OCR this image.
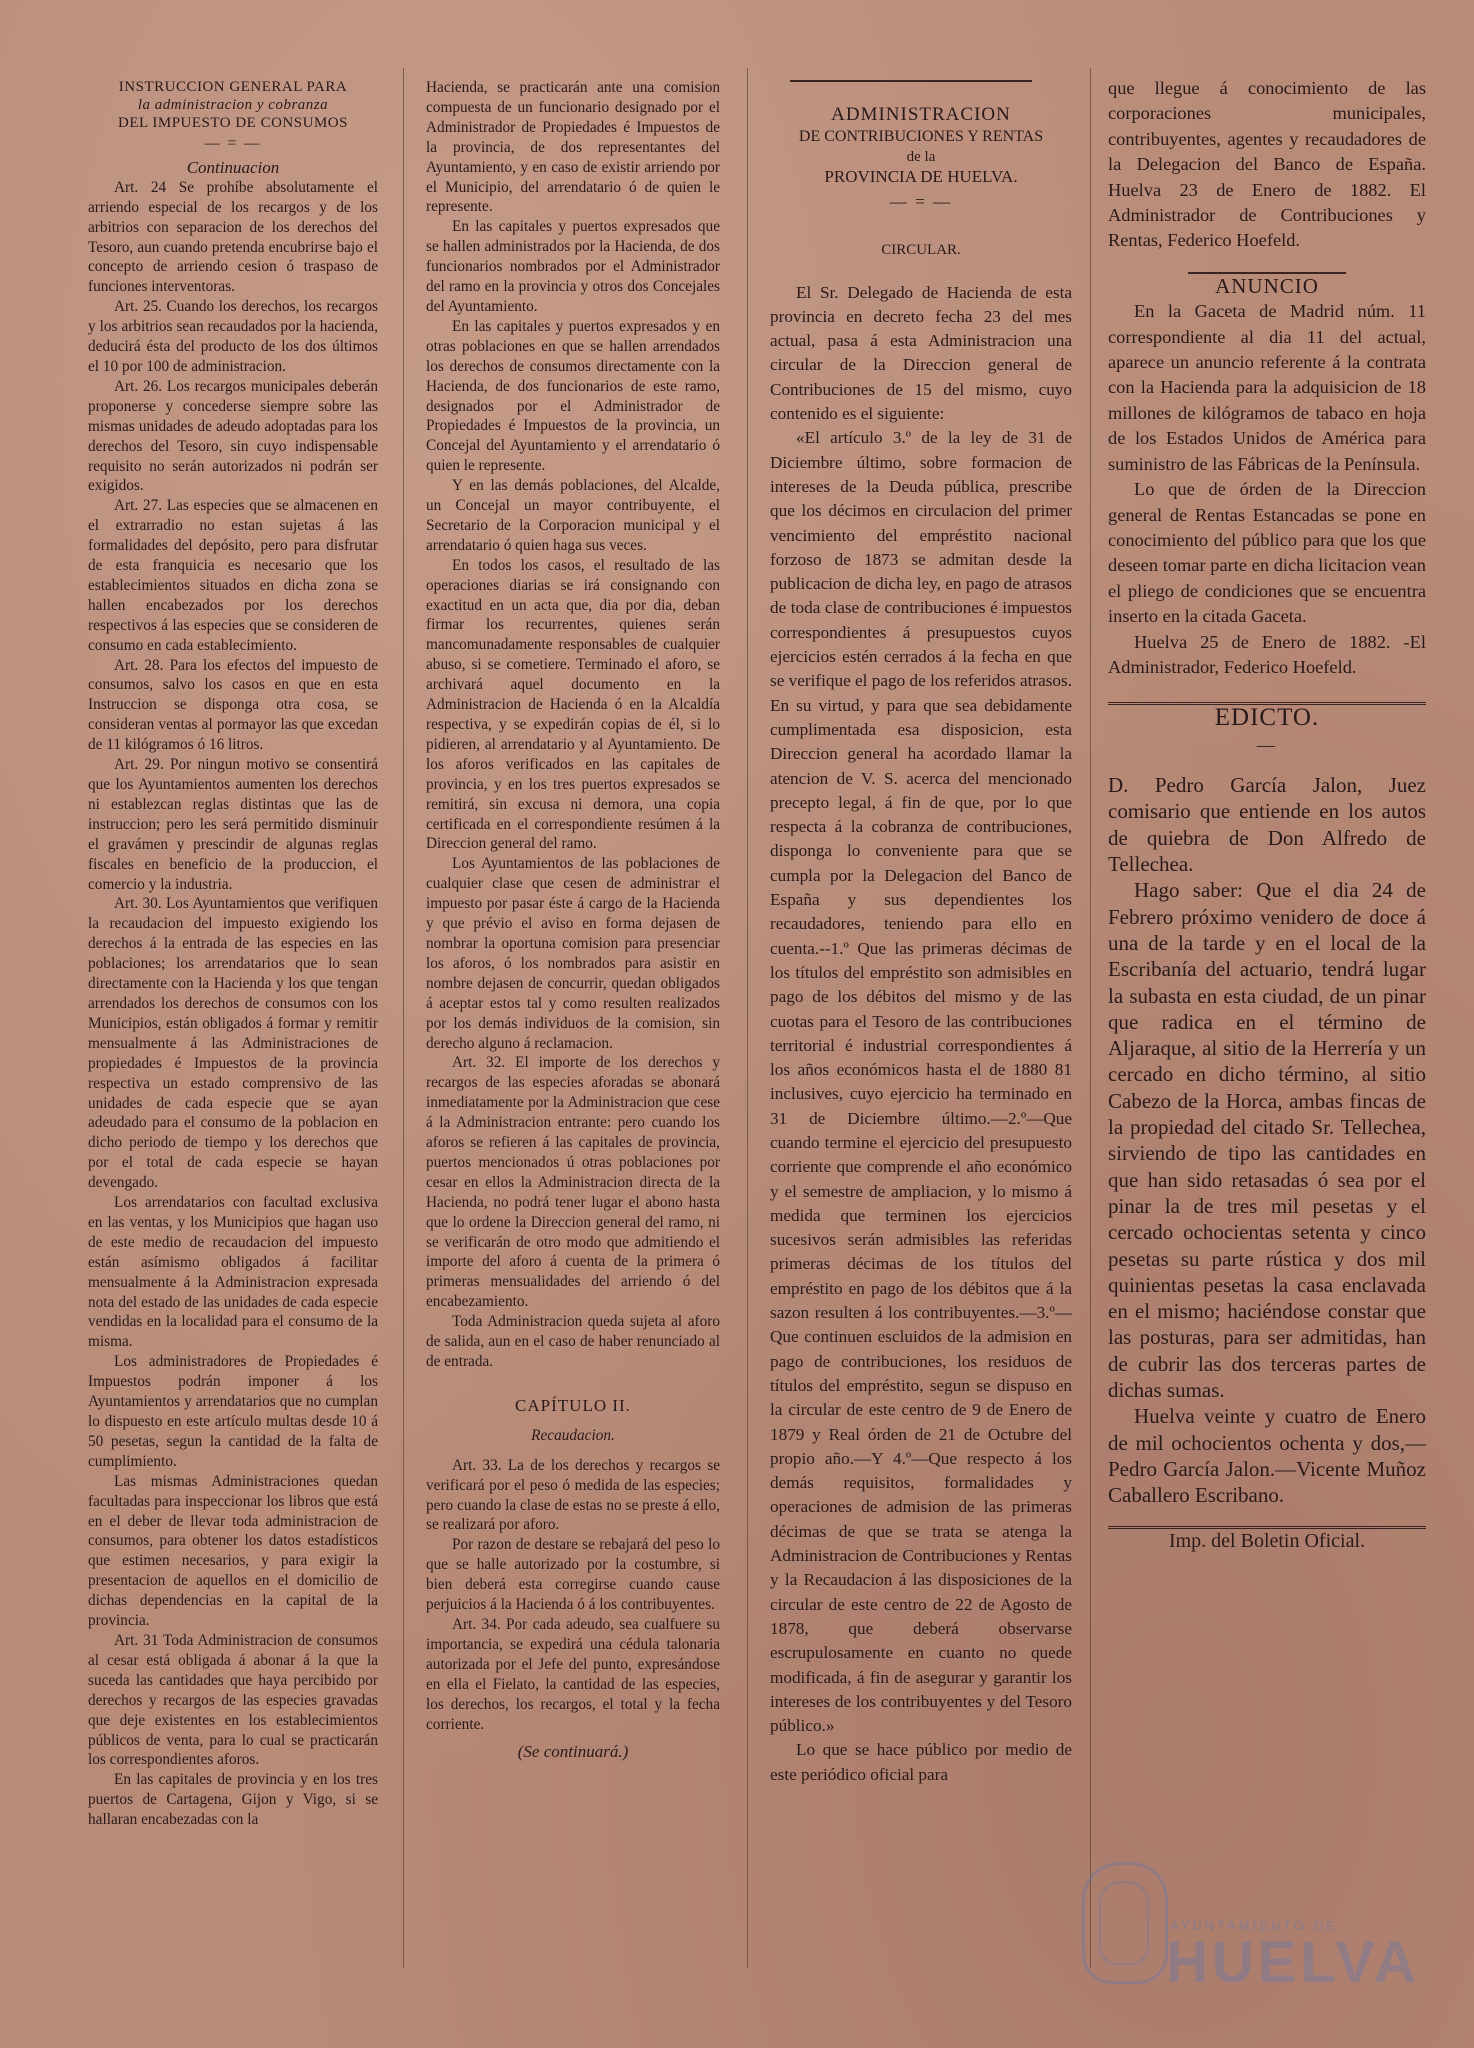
INSTRUCCION GENERAL PARA

la administracion y cobranza

DEL IMPUESTO DE CONSUMOS

— = —

Continuacion

Art. 24 Se prohíbe absolutamente el arriendo especial de los recargos y de los arbitrios con separacion de los derechos del Tesoro, aun cuando pretenda encubrirse bajo el concepto de arriendo cesion ó traspaso de funciones interventoras.

Art. 25. Cuando los derechos, los recargos y los arbitrios sean recaudados por la hacienda, deducirá ésta del producto de los dos últimos el 10 por 100 de administracion.

Art. 26. Los recargos municipales deberán proponerse y concederse siempre sobre las mismas unidades de adeudo adoptadas para los derechos del Tesoro, sin cuyo indispensable requisito no serán autorizados ni podrán ser exigidos.

Art. 27. Las especies que se almacenen en el extrarradio no estan sujetas á las formalidades del depósito, pero para disfrutar de esta franquicia es necesario que los establecimientos situados en dicha zona se hallen encabezados por los derechos respectivos á las especies que se consideren de consumo en cada establecimiento.

Art. 28. Para los efectos del impuesto de consumos, salvo los casos en que en esta Instruccion se disponga otra cosa, se consideran ventas al pormayor las que excedan de 11 kilógramos ó 16 litros.

Art. 29. Por ningun motivo se consentirá que los Ayuntamientos aumenten los derechos ni establezcan reglas distintas que las de instruccion; pero les será permitido disminuir el gravámen y prescindir de algunas reglas fiscales en beneficio de la produccion, el comercio y la industria.

Art. 30. Los Ayuntamientos que verifiquen la recaudacion del impuesto exigiendo los derechos á la entrada de las especies en las poblaciones; los arrendatarios que lo sean directamente con la Hacienda y los que tengan arrendados los derechos de consumos con los Municipios, están obligados á formar y remitir mensualmente á las Administraciones de propiedades é Impuestos de la provincia respectiva un estado comprensivo de las unidades de cada especie que se ayan adeudado para el consumo de la poblacion en dicho periodo de tiempo y los derechos que por el total de cada especie se hayan devengado.

Los arrendatarios con facultad exclusiva en las ventas, y los Municipios que hagan uso de este medio de recaudacion del impuesto están asímismo obligados á facilitar mensualmente á la Administracion expresada nota del estado de las unidades de cada especie vendidas en la localidad para el consumo de la misma.

Los administradores de Propiedades é Impuestos podrán imponer á los Ayuntamientos y arrendatarios que no cumplan lo dispuesto en este artículo multas desde 10 á 50 pesetas, segun la cantidad de la falta de cumplimiento.

Las mismas Administraciones quedan facultadas para inspeccionar los libros que está en el deber de llevar toda administracion de consumos, para obtener los datos estadísticos que estimen necesarios, y para exigir la presentacion de aquellos en el domicilio de dichas dependencias en la capital de la provincia.

Art. 31 Toda Administracion de consumos al cesar está obligada á abonar á la que la suceda las cantidades que haya percibido por derechos y recargos de las especies gravadas que deje existentes en los establecimientos públicos de venta, para lo cual se practicarán los correspondientes aforos.

En las capitales de provincia y en los tres puertos de Cartagena, Gijon y Vigo, si se hallaran encabezadas con la

Hacienda, se practicarán ante una comision compuesta de un funcionario designado por el Administrador de Propiedades é Impuestos de la provincia, de dos representantes del Ayuntamiento, y en caso de existir arriendo por el Municipio, del arrendatario ó de quien le represente.

En las capitales y puertos expresados que se hallen administrados por la Hacienda, de dos funcionarios nombrados por el Administrador del ramo en la provincia y otros dos Concejales del Ayuntamiento.

En las capitales y puertos expresados y en otras poblaciones en que se hallen arrendados los derechos de consumos directamente con la Hacienda, de dos funcionarios de este ramo, designados por el Administrador de Propiedades é Impuestos de la provincia, un Concejal del Ayuntamiento y el arrendatario ó quien le represente.

Y en las demás poblaciones, del Alcalde, un Concejal un mayor contribuyente, el Secretario de la Corporacion municipal y el arrendatario ó quien haga sus veces.

En todos los casos, el resultado de las operaciones diarias se irá consignando con exactitud en un acta que, dia por dia, deban firmar los recurrentes, quienes serán mancomunadamente responsables de cualquier abuso, si se cometiere. Terminado el aforo, se archivará aquel documento en la Administracion de Hacienda ó en la Alcaldía respectiva, y se expedirán copias de él, si lo pidieren, al arrendatario y al Ayuntamiento. De los aforos verificados en las capitales de provincia, y en los tres puertos expresados se remitirá, sin excusa ni demora, una copia certificada en el correspondiente resúmen á la Direccion general del ramo.

Los Ayuntamientos de las poblaciones de cualquier clase que cesen de administrar el impuesto por pasar éste á cargo de la Hacienda y que prévio el aviso en forma dejasen de nombrar la oportuna comision para presenciar los aforos, ó los nombrados para asistir en nombre dejasen de concurrir, quedan obligados á aceptar estos tal y como resulten realizados por los demás individuos de la comision, sin derecho alguno á reclamacion.

Art. 32. El importe de los derechos y recargos de las especies aforadas se abonará inmediatamente por la Administracion que cese á la Administracion entrante: pero cuando los aforos se refieren á las capitales de provincia, puertos mencionados ú otras poblaciones por cesar en ellos la Administracion directa de la Hacienda, no podrá tener lugar el abono hasta que lo ordene la Direccion general del ramo, ni se verificarán de otro modo que admitiendo el importe del aforo á cuenta de la primera ó primeras mensualidades del arriendo ó del encabezamiento.

Toda Administracion queda sujeta al aforo de salida, aun en el caso de haber renunciado al de entrada.

CAPÍTULO II.

Recaudacion.

Art. 33. La de los derechos y recargos se verificará por el peso ó medida de las especies; pero cuando la clase de estas no se preste á ello, se realizará por aforo.

Por razon de destare se rebajará del peso lo que se halle autorizado por la costumbre, si bien deberá esta corregirse cuando cause perjuicios á la Hacienda ó á los contribuyentes.

Art. 34. Por cada adeudo, sea cualfuere su importancia, se expedirá una cédula talonaria autorizada por el Jefe del punto, expresándose en ella el Fielato, la cantidad de las especies, los derechos, los recargos, el total y la fecha corriente.

(Se continuará.)

ADMINISTRACION

DE CONTRIBUCIONES Y RENTAS

de la

PROVINCIA DE HUELVA.

— = —

CIRCULAR.

El Sr. Delegado de Hacienda de esta provincia en decreto fecha 23 del mes actual, pasa á esta Administracion una circular de la Direccion general de Contribuciones de 15 del mismo, cuyo contenido es el siguiente:

«El artículo 3.º de la ley de 31 de Diciembre último, sobre formacion de intereses de la Deuda pública, prescribe que los décimos en circulacion del primer vencimiento del empréstito nacional forzoso de 1873 se admitan desde la publicacion de dicha ley, en pago de atrasos de toda clase de contribuciones é impuestos correspondientes á presupuestos cuyos ejercicios estén cerrados á la fecha en que se verifique el pago de los referidos atrasos. En su virtud, y para que sea debidamente cumplimentada esa disposicion, esta Direccion general ha acordado llamar la atencion de V. S. acerca del mencionado precepto legal, á fin de que, por lo que respecta á la cobranza de contribuciones, disponga lo conveniente para que se cumpla por la Delegacion del Banco de España y sus dependientes los recaudadores, teniendo para ello en cuenta.--1.º Que las primeras décimas de los títulos del empréstito son admisibles en pago de los débitos del mismo y de las cuotas para el Tesoro de las contribuciones territorial é industrial correspondientes á los años económicos hasta el de 1880 81 inclusives, cuyo ejercicio ha terminado en 31 de Diciembre último.—2.º—Que cuando termine el ejercicio del presupuesto corriente que comprende el año económico y el semestre de ampliacion, y lo mismo á medida que terminen los ejercicios sucesivos serán admisibles las referidas primeras décimas de los títulos del empréstito en pago de los débitos que á la sazon resulten á los contribuyentes.—3.º—Que continuen escluidos de la admision en pago de contribuciones, los residuos de títulos del empréstito, segun se dispuso en la circular de este centro de 9 de Enero de 1879 y Real órden de 21 de Octubre del propio año.—Y 4.º—Que respecto á los demás requisitos, formalidades y operaciones de admision de las primeras décimas de que se trata se atenga la Administracion de Contribuciones y Rentas y la Recaudacion á las disposiciones de la circular de este centro de 22 de Agosto de 1878, que deberá observarse escrupulosamente en cuanto no quede modificada, á fin de asegurar y garantir los intereses de los contribuyentes y del Tesoro público.»

Lo que se hace público por medio de este periódico oficial para

que llegue á conocimiento de las corporaciones municipales, contribuyentes, agentes y recaudadores de la Delegacion del Banco de España. Huelva 23 de Enero de 1882. El Administrador de Contribuciones y Rentas, Federico Hoefeld.

ANUNCIO

En la Gaceta de Madrid núm. 11 correspondiente al dia 11 del actual, aparece un anuncio referente á la contrata con la Hacienda para la adquisicion de 18 millones de kilógramos de tabaco en hoja de los Estados Unidos de América para suministro de las Fábricas de la Península.

Lo que de órden de la Direccion general de Rentas Estancadas se pone en conocimiento del público para que los que deseen tomar parte en dicha licitacion vean el pliego de condiciones que se encuentra inserto en la citada Gaceta.

Huelva 25 de Enero de 1882. -El Administrador, Federico Hoefeld.

EDICTO.

—

D. Pedro García Jalon, Juez comisario que entiende en los autos de quiebra de Don Alfredo de Tellechea.

Hago saber: Que el dia 24 de Febrero próximo venidero de doce á una de la tarde y en el local de la Escribanía del actuario, tendrá lugar la subasta en esta ciudad, de un pinar que radica en el término de Aljaraque, al sitio de la Herrería y un cercado en dicho término, al sitio Cabezo de la Horca, ambas fincas de la propiedad del citado Sr. Tellechea, sirviendo de tipo las cantidades en que han sido retasadas ó sea por el pinar la de tres mil pesetas y el cercado ochocientas setenta y cinco pesetas su parte rústica y dos mil quinientas pesetas la casa enclavada en el mismo; haciéndose constar que las posturas, para ser admitidas, han de cubrir las dos terceras partes de dichas sumas.

Huelva veinte y cuatro de Enero de mil ochocientos ochenta y dos,—Pedro García Jalon.—Vicente Muñoz Caballero Escribano.

Imp. del Boletin Oficial.

AYUNTAMIENTO DE
HUELVA
